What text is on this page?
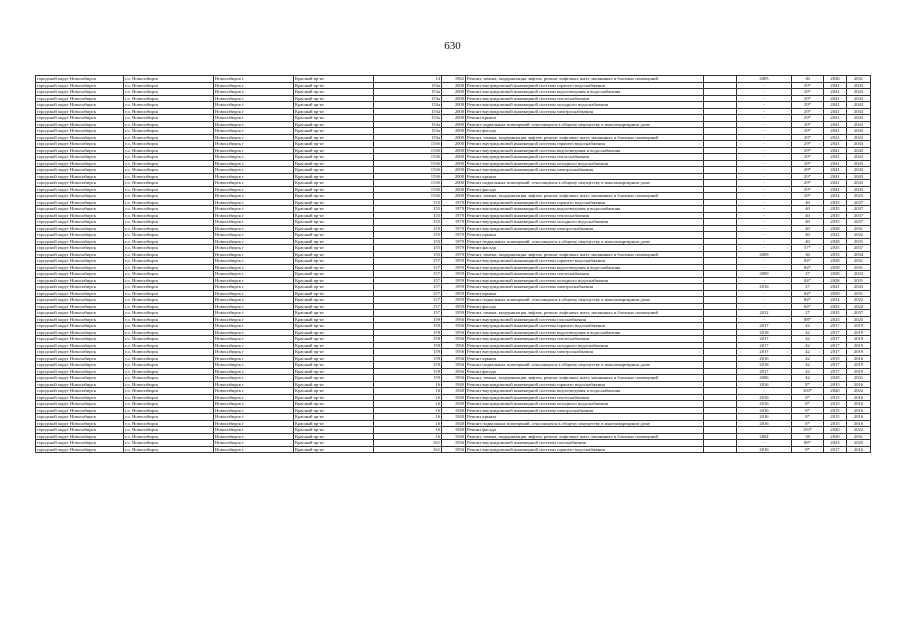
630
городской округ Новосибирск	г.о. Новосибирск	Новосибирск г	Красный пр-кт	14	1962	Ремонт, замена, модернизация лифтов, ремонт лифтовых шахт, машинных и блочных помещений		2005	30	2036	2031
городской округ Новосибирск	г.о. Новосибирск	Новосибирск г	Красный пр-кт	153а	2000	Ремонт внутридомовой инженерной системы горячего водоснабжения		-	29*	2041	2043
городской округ Новосибирск	г.о. Новосибирск	Новосибирск г	Красный пр-кт	153а	2000	Ремонт внутридомовой инженерной системы водоотведения и водоснабжения		-	29*	2041	2043
городской округ Новосибирск	г.о. Новосибирск	Новосибирск г	Красный пр-кт	153а	2000	Ремонт внутридомовой инженерной системы теплоснабжения		-	29*	2041	2043
городской округ Новосибирск	г.о. Новосибирск	Новосибирск г	Красный пр-кт	153а	2000	Ремонт внутридомовой инженерной системы холодного водоснабжения		-	29*	2041	2043
городской округ Новосибирск	г.о. Новосибирск	Новосибирск г	Красный пр-кт	153а	2000	Ремонт внутридомовой инженерной системы электроснабжения		-	29*	2041	2043
городской округ Новосибирск	г.о. Новосибирск	Новосибирск г	Красный пр-кт	153а	2000	Ремонт крыши		-	29*	2041	2043
городской округ Новосибирск	г.о. Новосибирск	Новосибирск г	Красный пр-кт	153а	2000	Ремонт подвальных помещений, относящихся к общему имуществу в многоквартирном доме		-	29*	2041	2043
городской округ Новосибирск	г.о. Новосибирск	Новосибирск г	Красный пр-кт	153а	2000	Ремонт фасада		-	29*	2041	2043
городской округ Новосибирск	г.о. Новосибирск	Новосибирск г	Красный пр-кт	153а	2000	Ремонт, замена, модернизация лифтов, ремонт лифтовых шахт, машинных и блочных помещений		-	29*	2022	2023
городской округ Новосибирск	г.о. Новосибирск	Новосибирск г	Красный пр-кт	153б	2000	Ремонт внутридомовой инженерной системы горячего водоснабжения		-	29*	2041	2043
городской округ Новосибирск	г.о. Новосибирск	Новосибирск г	Красный пр-кт	153б	2000	Ремонт внутридомовой инженерной системы водоотведения и водоснабжения		-	29*	2041	2043
городской округ Новосибирск	г.о. Новосибирск	Новосибирск г	Красный пр-кт	153б	2000	Ремонт внутридомовой инженерной системы теплоснабжения		-	29*	2041	2043
городской округ Новосибирск	г.о. Новосибирск	Новосибирск г	Красный пр-кт	153б	2000	Ремонт внутридомовой инженерной системы холодного водоснабжения		-	29*	2041	2043
городской округ Новосибирск	г.о. Новосибирск	Новосибирск г	Красный пр-кт	153б	2000	Ремонт внутридомовой инженерной системы электроснабжения		-	29*	2041	2043
городской округ Новосибирск	г.о. Новосибирск	Новосибирск г	Красный пр-кт	153б	2000	Ремонт крыши		-	29*	2041	2043
городской округ Новосибирск	г.о. Новосибирск	Новосибирск г	Красный пр-кт	153б	2000	Ремонт подвальных помещений, относящихся к общему имуществу в многоквартирном доме		-	29*	2041	2043
городской округ Новосибирск	г.о. Новосибирск	Новосибирск г	Красный пр-кт	153б	2000	Ремонт фасада		-	29*	2041	2043
городской округ Новосибирск	г.о. Новосибирск	Новосибирск г	Красный пр-кт	153б	2000	Ремонт, замена, модернизация лифтов, ремонт лифтовых шахт, машинных и блочных помещений		-	29*	2022	2023
городской округ Новосибирск	г.о. Новосибирск	Новосибирск г	Красный пр-кт	155	1979	Ремонт внутридомовой инженерной системы горячего водоснабжения		-	40	2035	2037
городской округ Новосибирск	г.о. Новосибирск	Новосибирск г	Красный пр-кт	155	1979	Ремонт внутридомовой инженерной системы водоотведения и водоснабжения		-	40	2035	2037
городской округ Новосибирск	г.о. Новосибирск	Новосибирск г	Красный пр-кт	155	1979	Ремонт внутридомовой инженерной системы теплоснабжения		-	40	2035	2037
городской округ Новосибирск	г.о. Новосибирск	Новосибирск г	Красный пр-кт	155	1979	Ремонт внутридомовой инженерной системы холодного водоснабжения		-	40	2035	2037
городской округ Новосибирск	г.о. Новосибирск	Новосибирск г	Красный пр-кт	155	1979	Ремонт внутридомовой инженерной системы электроснабжения		-	40	2028	2031
городской округ Новосибирск	г.о. Новосибирск	Новосибирск г	Красный пр-кт	155	1979	Ремонт крыши		-	40	2022	2022
городской округ Новосибирск	г.о. Новосибирск	Новосибирск г	Красный пр-кт	155	1979	Ремонт подвальных помещений, относящихся к общему имуществу в многоквартирном доме		-	40	2028	2031
городской округ Новосибирск	г.о. Новосибирск	Новосибирск г	Красный пр-кт	155	1979	Ремонт фасада		-	57*	2035	2037
городской округ Новосибирск	г.о. Новосибирск	Новосибирск г	Красный пр-кт	155	1979	Ремонт, замена, модернизация лифтов, ремонт лифтовых шахт, машинных и блочных помещений		2009	30	2033	2034
городской округ Новосибирск	г.о. Новосибирск	Новосибирск г	Красный пр-кт	157	1959	Ремонт внутридомовой инженерной системы горячего водоснабжения		-	84*	2028	2031
городской округ Новосибирск	г.о. Новосибирск	Новосибирск г	Красный пр-кт	157	1959	Ремонт внутридомовой инженерной системы водоотведения и водоснабжения		-	84*	2028	2031
городской округ Новосибирск	г.о. Новосибирск	Новосибирск г	Красный пр-кт	157	1959	Ремонт внутридомовой инженерной системы теплоснабжения		2009	27	2029	2033
городской округ Новосибирск	г.о. Новосибирск	Новосибирск г	Красный пр-кт	157	1959	Ремонт внутридомовой инженерной системы холодного водоснабжения		-	84*	2028	2031
городской округ Новосибирск	г.о. Новосибирск	Новосибирск г	Красный пр-кт	157	1959	Ремонт внутридомовой инженерной системы электроснабжения		2016	27	2041	2043
городской округ Новосибирск	г.о. Новосибирск	Новосибирск г	Красный пр-кт	157	1959	Ремонт крыши		-	84*	2029	2031
городской округ Новосибирск	г.о. Новосибирск	Новосибирск г	Красный пр-кт	157	1959	Ремонт подвальных помещений, относящихся к общему имуществу в многоквартирном доме		-	84*	2022	2022
городской округ Новосибирск	г.о. Новосибирск	Новосибирск г	Красный пр-кт	157	1959	Ремонт фасада		-	84*	2023	2022
городской округ Новосибирск	г.о. Новосибирск	Новосибирск г	Красный пр-кт	157	1959	Ремонт, замена, модернизация лифтов, ремонт лифтовых шахт, машинных и блочных помещений		2012	27	2035	2037
городской округ Новосибирск	г.о. Новосибирск	Новосибирск г	Красный пр-кт	159	1956	Ремонт внутридомовой инженерной системы газоснабжения		-	88*	2023	2025
городской округ Новосибирск	г.о. Новосибирск	Новосибирск г	Красный пр-кт	159	1956	Ремонт внутридомовой инженерной системы горячего водоснабжения		2017	42	2017	2019
городской округ Новосибирск	г.о. Новосибирск	Новосибирск г	Красный пр-кт	159	1956	Ремонт внутридомовой инженерной системы водоотведения и водоснабжения		2018	42	2017	2019
городской округ Новосибирск	г.о. Новосибирск	Новосибирск г	Красный пр-кт	159	1956	Ремонт внутридомовой инженерной системы теплоснабжения		2017	42	2017	2019
городской округ Новосибирск	г.о. Новосибирск	Новосибирск г	Красный пр-кт	159	1956	Ремонт внутридомовой инженерной системы холодного водоснабжения		2017	42	2017	2019
городской округ Новосибирск	г.о. Новосибирск	Новосибирск г	Красный пр-кт	159	1956	Ремонт внутридомовой инженерной системы электроснабжения		2017	42	2017	2019
городской округ Новосибирск	г.о. Новосибирск	Новосибирск г	Красный пр-кт	159	1956	Ремонт крыши		2016	42	2015	2016
городской округ Новосибирск	г.о. Новосибирск	Новосибирск г	Красный пр-кт	159	1956	Ремонт подвальных помещений, относящихся к общему имуществу в многоквартирном доме		2018	42	2017	2019
городской округ Новосибирск	г.о. Новосибирск	Новосибирск г	Красный пр-кт	159	1956	Ремонт фасада		2017	42	2017	2019
городской округ Новосибирск	г.о. Новосибирск	Новосибирск г	Красный пр-кт	159	1956	Ремонт, замена, модернизация лифтов, ремонт лифтовых шахт, машинных и блочных помещений		2006	42	2029	2031
городской округ Новосибирск	г.о. Новосибирск	Новосибирск г	Красный пр-кт	16	1940	Ремонт внутридомовой инженерной системы горячего водоснабжения		2016	8*	2015	2016
городской округ Новосибирск	г.о. Новосибирск	Новосибирск г	Красный пр-кт	16	1940	Ремонт внутридомовой инженерной системы водоотведения и водоснабжения		-	103*	2020	2022
городской округ Новосибирск	г.о. Новосибирск	Новосибирск г	Красный пр-кт	16	1940	Ремонт внутридомовой инженерной системы теплоснабжения		2016	8*	2015	2016
городской округ Новосибирск	г.о. Новосибирск	Новосибирск г	Красный пр-кт	16	1940	Ремонт внутридомовой инженерной системы холодного водоснабжения		2016	8*	2015	2016
городской округ Новосибирск	г.о. Новосибирск	Новосибирск г	Красный пр-кт	16	1940	Ремонт внутридомовой инженерной системы электроснабжения		2016	8*	2015	2016
городской округ Новосибирск	г.о. Новосибирск	Новосибирск г	Красный пр-кт	16	1940	Ремонт крыши		2016	8*	2015	2016
городской округ Новосибирск	г.о. Новосибирск	Новосибирск г	Красный пр-кт	16	1940	Ремонт подвальных помещений, относящихся к общему имуществу в многоквартирном доме		2016	8*	2015	2016
городской округ Новосибирск	г.о. Новосибирск	Новосибирск г	Красный пр-кт	16	1940	Ремонт фасада		-	103*	2020	2022
городской округ Новосибирск	г.о. Новосибирск	Новосибирск г	Красный пр-кт	16	1940	Ремонт, замена, модернизация лифтов, ремонт лифтовых шахт, машинных и блочных помещений		2004	38	2029	2031
городской округ Новосибирск	г.о. Новосибирск	Новосибирск г	Красный пр-кт	161	1956	Ремонт внутридомовой инженерной системы газоснабжения		-	88*	2023	2025
городской округ Новосибирск	г.о. Новосибирск	Новосибирск г	Красный пр-кт	161	1956	Ремонт внутридомовой инженерной системы горячего водоснабжения		2016	8*	2017	2016
